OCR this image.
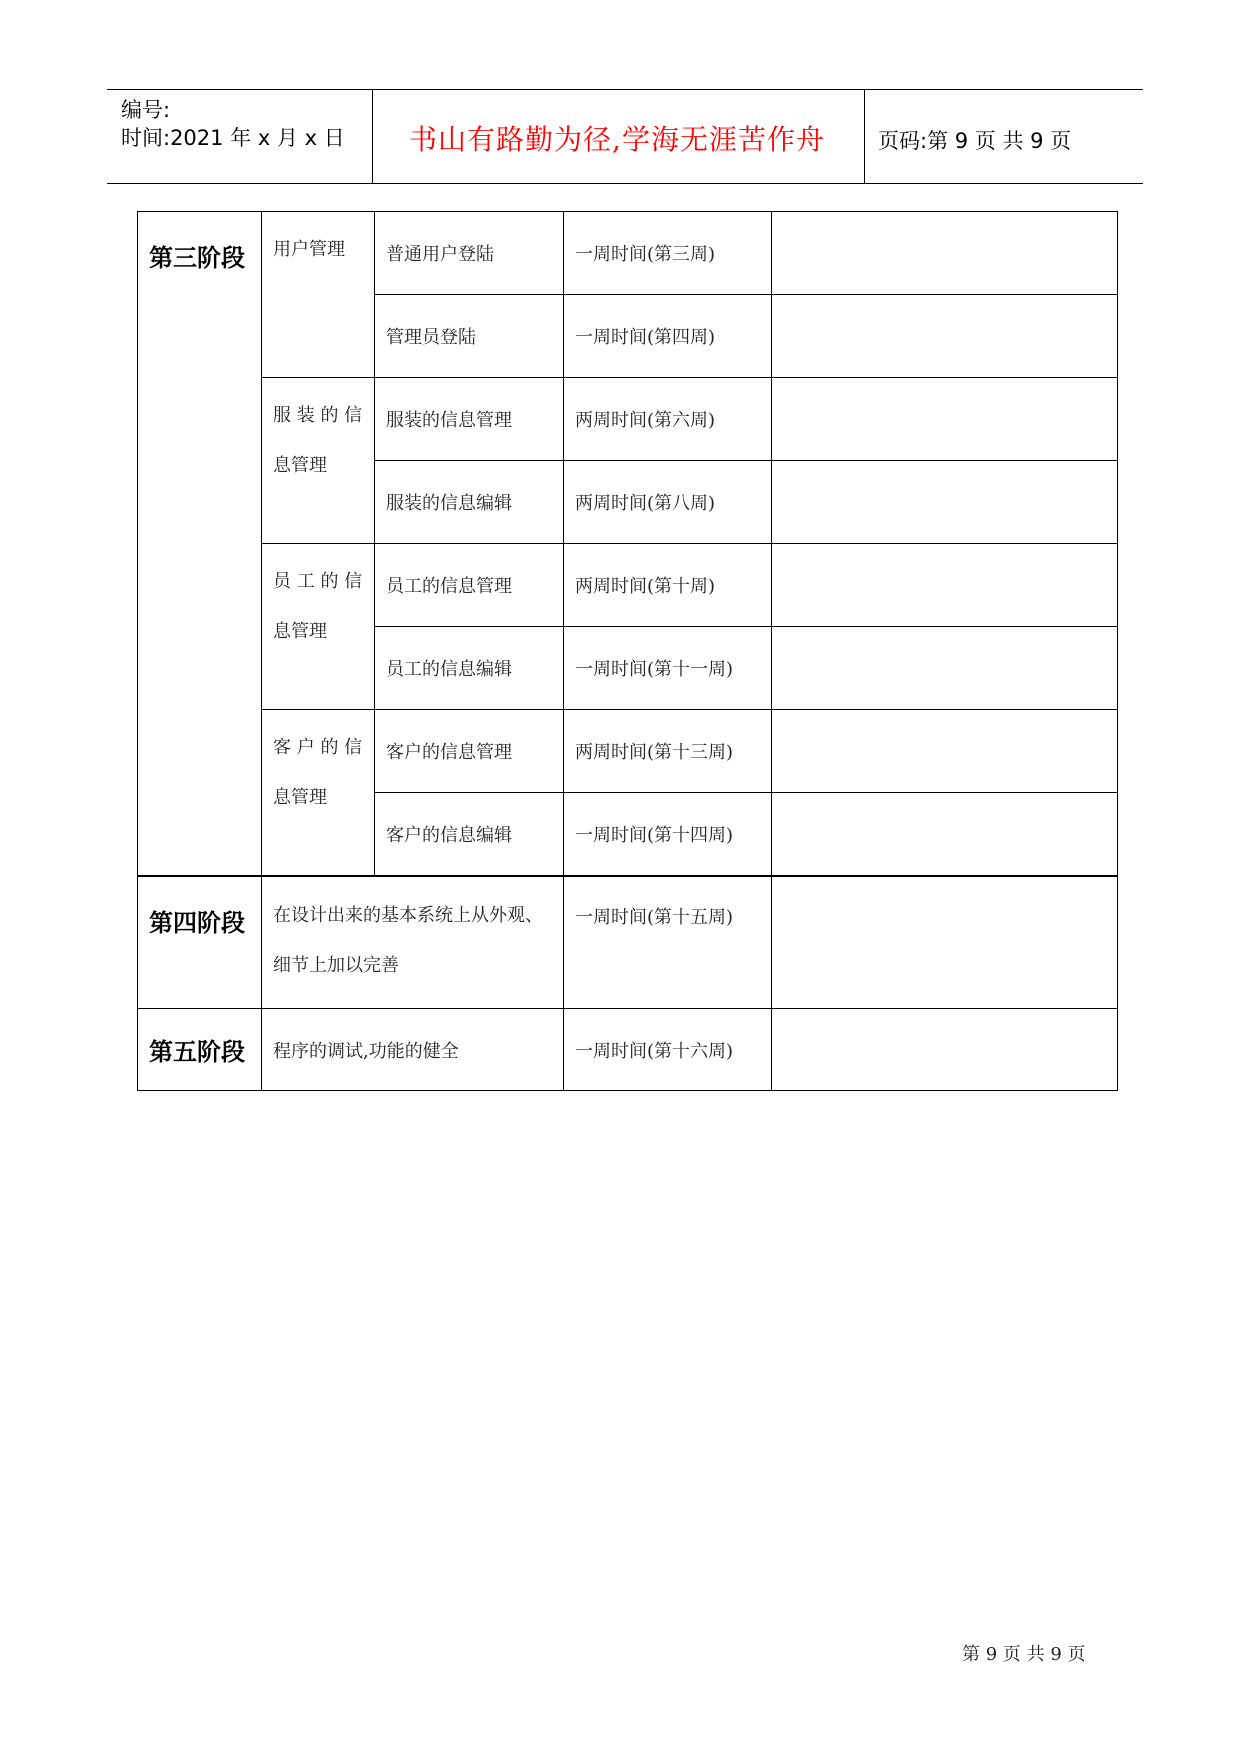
编号:
时间:2021 年 x 月 x 日	书山有路勤为径,学海无涯苦作舟	页码:第 9 页 共 9 页
第三阶段	用户管理	普通用户登陆	一周时间(第三周)	
		管理员登陆	一周时间(第四周)	
	服 装 的 信息管理	服装的信息管理	两周时间(第六周)	
		服装的信息编辑	两周时间(第八周)	
	员 工 的 信息管理	员工的信息管理	两周时间(第十周)	
		员工的信息编辑	一周时间(第十一周)	
	客 户 的 信息管理	客户的信息管理	两周时间(第十三周)	
		客户的信息编辑	一周时间(第十四周)	
第四阶段	在设计出来的基本系统上从外观、细节上加以完善		一周时间(第十五周)	
第五阶段	程序的调试,功能的健全		一周时间(第十六周)	
第 9 页 共 9 页
